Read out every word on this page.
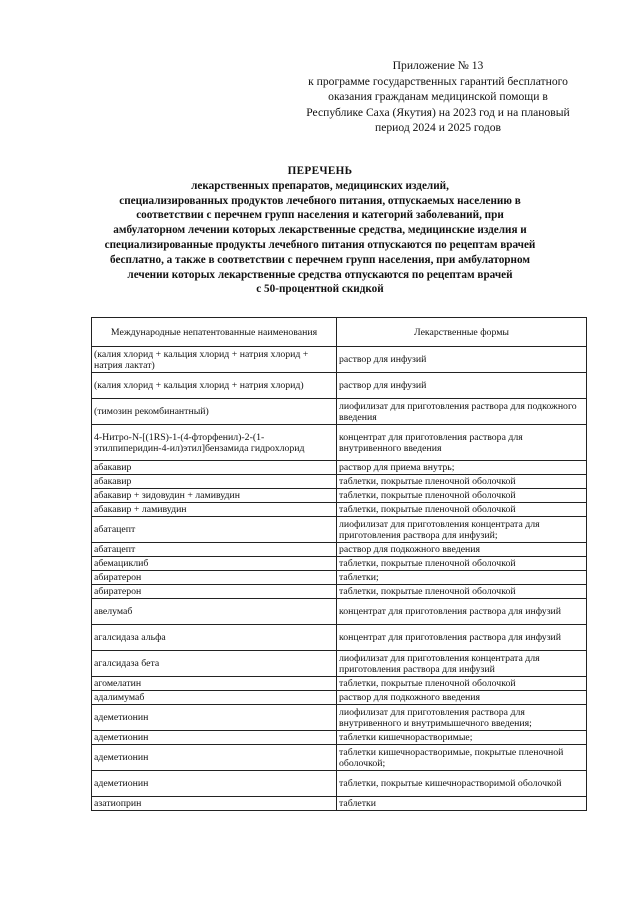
Приложение № 13
к программе государственных гарантий бесплатного
оказания гражданам медицинской помощи в
Республике Саха (Якутия) на 2023 год и на плановый
период 2024 и 2025 годов
ПЕРЕЧЕНЬ
лекарственных препаратов, медицинских изделий,
специализированных продуктов лечебного питания, отпускаемых населению в
соответствии с перечнем групп населения и категорий заболеваний, при
амбулаторном лечении которых лекарственные средства, медицинские изделия и
специализированные продукты лечебного питания отпускаются по рецептам врачей
бесплатно, а также в соответствии с перечнем групп населения, при амбулаторном
лечении которых лекарственные средства отпускаются по рецептам врачей
с 50-процентной скидкой
Международные непатентованные наименования	Лекарственные формы
(калия хлорид + кальция хлорид + натрия хлорид + натрия лактат)	раствор для инфузий
(калия хлорид + кальция хлорид + натрия хлорид)	раствор для инфузий
(тимозин рекомбинантный)	лиофилизат для приготовления раствора для подкожного введения
4-Нитро-N-[(1RS)-1-(4-фторфенил)-2-(1-этилпиперидин-4-ил)этил]бензамида гидрохлорид	концентрат для приготовления раствора для внутривенного введения
абакавир	раствор для приема внутрь;
абакавир	таблетки, покрытые пленочной оболочкой
абакавир + зидовудин + ламивудин	таблетки, покрытые пленочной оболочкой
абакавир + ламивудин	таблетки, покрытые пленочной оболочкой
абатацепт	лиофилизат для приготовления концентрата для приготовления раствора для инфузий;
абатацепт	раствор для подкожного введения
абемациклиб	таблетки, покрытые пленочной оболочкой
абиратерон	таблетки;
абиратерон	таблетки, покрытые пленочной оболочкой
авелумаб	концентрат для приготовления раствора для инфузий
агалсидаза альфа	концентрат для приготовления раствора для инфузий
агалсидаза бета	лиофилизат для приготовления концентрата для приготовления раствора для инфузий
агомелатин	таблетки, покрытые пленочной оболочкой
адалимумаб	раствор для подкожного введения
адеметионин	лиофилизат для приготовления раствора для внутривенного и внутримышечного введения;
адеметионин	таблетки кишечнорастворимые;
адеметионин	таблетки кишечнорастворимые, покрытые пленочной оболочкой;
адеметионин	таблетки, покрытые кишечнорастворимой оболочкой
азатиоприн	таблетки
